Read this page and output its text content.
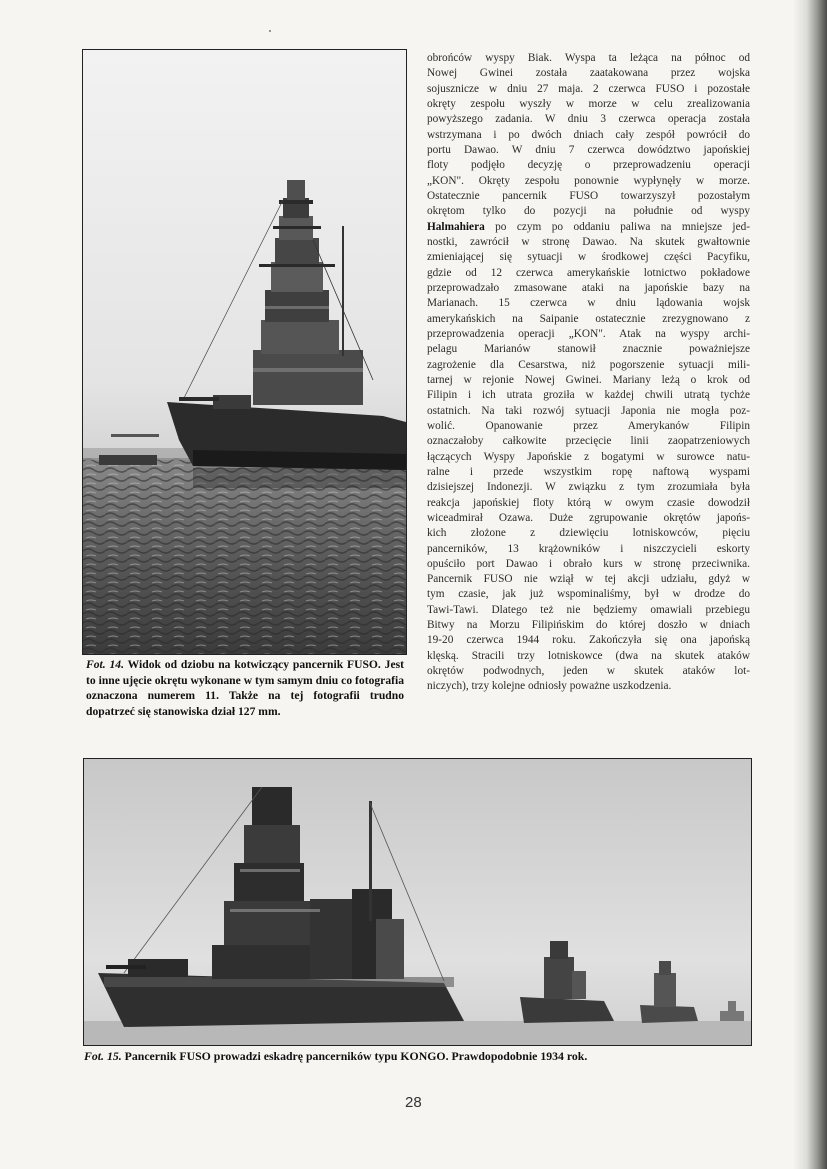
Fot. 14. Widok od dziobu na kotwiczący pancernik FUSO. Jest to inne ujęcie okrętu wykonane w tym samym dniu co fotografia oznaczona numerem 11. Także na tej fotografii trudno dopatrzeć się stanowiska dział 127 mm.
obrońców wyspy Biak. Wyspa ta leżąca na północ od
Nowej Gwinei została zaatakowana przez wojska
sojusznicze w dniu 27 maja. 2 czerwca FUSO i pozostałe
okręty zespołu wyszły w morze w celu zrealizowania
powyższego zadania. W dniu 3 czerwca operacja została
wstrzymana i po dwóch dniach cały zespół powrócił do
portu Dawao. W dniu 7 czerwca dowództwo japońskiej
floty podjęło decyzję o przeprowadzeniu operacji
„KON". Okręty zespołu ponownie wypłynęły w morze.
Ostatecznie pancernik FUSO towarzyszył pozostałym
okrętom tylko do pozycji na południe od wyspy
Halmahiera po czym po oddaniu paliwa na mniejsze jed-
nostki, zawrócił w stronę Dawao. Na skutek gwałtownie
zmieniającej się sytuacji w środkowej części Pacyfiku,
gdzie od 12 czerwca amerykańskie lotnictwo pokładowe
przeprowadzało zmasowane ataki na japońskie bazy na
Marianach. 15 czerwca w dniu lądowania wojsk
amerykańskich na Saipanie ostatecznie zrezygnowano z
przeprowadzenia operacji „KON". Atak na wyspy archi-
pelagu Marianów stanowił znacznie poważniejsze
zagrożenie dla Cesarstwa, niż pogorszenie sytuacji mili-
tarnej w rejonie Nowej Gwinei. Mariany leżą o krok od
Filipin i ich utrata groziła w każdej chwili utratą tychże
ostatnich. Na taki rozwój sytuacji Japonia nie mogła poz-
wolić. Opanowanie przez Amerykanów Filipin
oznaczałoby całkowite przecięcie linii zaopatrzeniowych
łączących Wyspy Japońskie z bogatymi w surowce natu-
ralne i przede wszystkim ropę naftową wyspami
dzisiejszej Indonezji. W związku z tym zrozumiała była
reakcja japońskiej floty którą w owym czasie dowodził
wiceadmirał Ozawa. Duże zgrupowanie okrętów japońs-
kich złożone z dziewięciu lotniskowców, pięciu
pancerników, 13 krążowników i niszczycieli eskorty
opuściło port Dawao i obrało kurs w stronę przeciwnika.
Pancernik FUSO nie wziął w tej akcji udziału, gdyż w
tym czasie, jak już wspominaliśmy, był w drodze do
Tawi-Tawi. Dlatego też nie będziemy omawiali przebiegu
Bitwy na Morzu Filipińskim do której doszło w dniach
19-20 czerwca 1944 roku. Zakończyła się ona japońską
klęską. Stracili trzy lotniskowce (dwa na skutek ataków
okrętów podwodnych, jeden w skutek ataków lot-
niczych), trzy kolejne odniosły poważne uszkodzenia.
Fot. 15. Pancernik FUSO prowadzi eskadrę pancerników typu KONGO. Prawdopodobnie 1934 rok.
28
